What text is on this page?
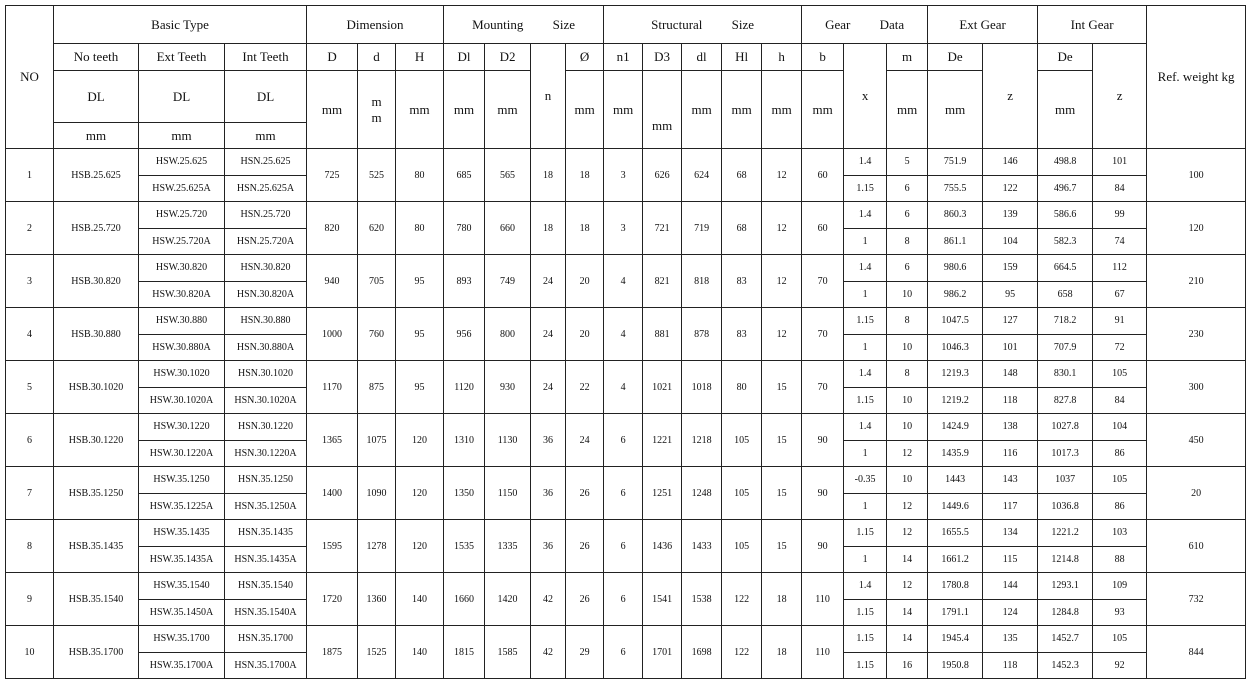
NO	Basic Type			Dimension			Mounting Size				Structural Size					Gear Data			Ext Gear		Int Gear		Ref. weight kg
	No teeth	Ext Teeth	Int Teeth	D	d	H	Dl	D2	n	Ø	n1	D3	dl	Hl	h	b	x	m	De	z	De	z	
	DL	DL	DL	mm	m m	mm	mm	mm		mm	mm	mm	mm	mm	mm	mm		mm	mm		mm		
	mm	mm	mm																				
1	HSB.25.625	HSW.25.625	HSN.25.625	725	525	80	685	565	18	18	3	626	624	68	12	60	1.4	5	751.9	146	498.8	101	100
		HSW.25.625A	HSN.25.625A														1.15	6	755.5	122	496.7	84	
2	HSB.25.720	HSW.25.720	HSN.25.720	820	620	80	780	660	18	18	3	721	719	68	12	60	1.4	6	860.3	139	586.6	99	120
		HSW.25.720A	HSN.25.720A														1	8	861.1	104	582.3	74	
3	HSB.30.820	HSW.30.820	HSN.30.820	940	705	95	893	749	24	20	4	821	818	83	12	70	1.4	6	980.6	159	664.5	112	210
		HSW.30.820A	HSN.30.820A														1	10	986.2	95	658	67	
4	HSB.30.880	HSW.30.880	HSN.30.880	1000	760	95	956	800	24	20	4	881	878	83	12	70	1.15	8	1047.5	127	718.2	91	230
		HSW.30.880A	HSN.30.880A														1	10	1046.3	101	707.9	72	
5	HSB.30.1020	HSW.30.1020	HSN.30.1020	1170	875	95	1120	930	24	22	4	1021	1018	80	15	70	1.4	8	1219.3	148	830.1	105	300
		HSW.30.1020A	HSN.30.1020A														1.15	10	1219.2	118	827.8	84	
6	HSB.30.1220	HSW.30.1220	HSN.30.1220	1365	1075	120	1310	1130	36	24	6	1221	1218	105	15	90	1.4	10	1424.9	138	1027.8	104	450
		HSW.30.1220A	HSN.30.1220A														1	12	1435.9	116	1017.3	86	
7	HSB.35.1250	HSW.35.1250	HSN.35.1250	1400	1090	120	1350	1150	36	26	6	1251	1248	105	15	90	-0.35	10	1443	143	1037	105	20
		HSW.35.1225A	HSN.35.1250A														1	12	1449.6	117	1036.8	86	
8	HSB.35.1435	HSW.35.1435	HSN.35.1435	1595	1278	120	1535	1335	36	26	6	1436	1433	105	15	90	1.15	12	1655.5	134	1221.2	103	610
		HSW.35.1435A	HSN.35.1435A														1	14	1661.2	115	1214.8	88	
9	HSB.35.1540	HSW.35.1540	HSN.35.1540	1720	1360	140	1660	1420	42	26	6	1541	1538	122	18	110	1.4	12	1780.8	144	1293.1	109	732
		HSW.35.1450A	HSN.35.1540A														1.15	14	1791.1	124	1284.8	93	
10	HSB.35.1700	HSW.35.1700	HSN.35.1700	1875	1525	140	1815	1585	42	29	6	1701	1698	122	18	110	1.15	14	1945.4	135	1452.7	105	844
		HSW.35.1700A	HSN.35.1700A														1.15	16	1950.8	118	1452.3	92	
